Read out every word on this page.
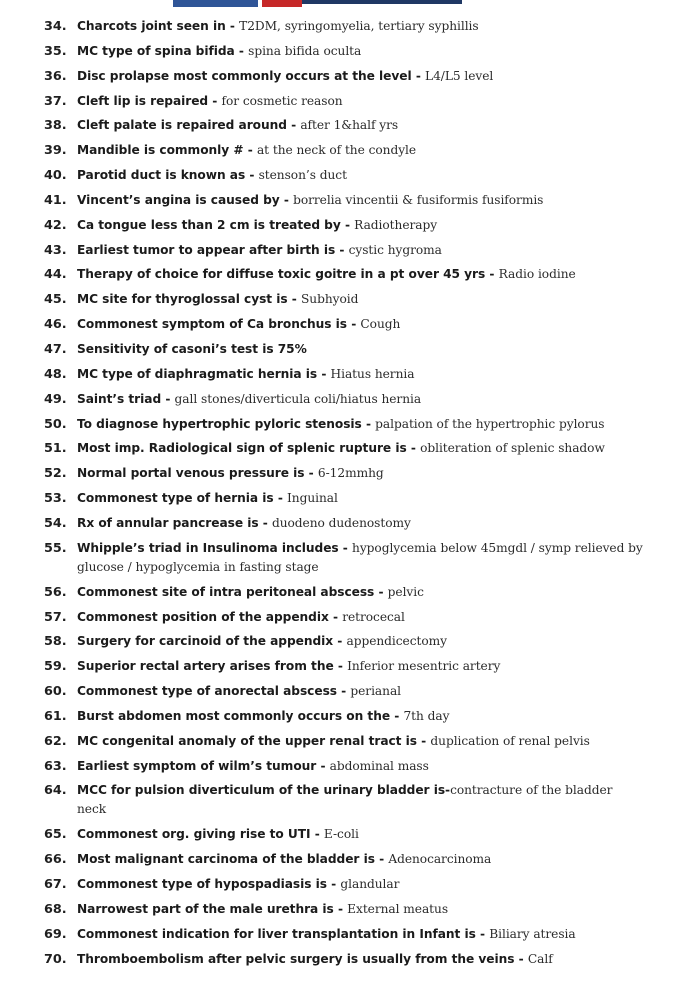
34. Charcots joint seen in - T2DM, syringomyelia, tertiary syphillis
35. MC type of spina bifida - spina bifida oculta
36. Disc prolapse most commonly occurs at the level - L4/L5 level
37. Cleft lip is repaired - for cosmetic reason
38. Cleft palate is repaired around - after 1&half yrs
39. Mandible is commonly # - at the neck of the condyle
40. Parotid duct is known as - stenson’s duct
41. Vincent’s angina is caused by - borrelia vincentii & fusiformis fusiformis
42. Ca tongue less than 2 cm is treated by - Radiotherapy
43. Earliest tumor to appear after birth is - cystic hygroma
44. Therapy of choice for diffuse toxic goitre in a pt over 45 yrs - Radio iodine
45. MC site for thyroglossal cyst is - Subhyoid
46. Commonest symptom of Ca bronchus is - Cough
47. Sensitivity of casoni’s test is 75%
48. MC type of diaphragmatic hernia is - Hiatus hernia
49. Saint’s triad - gall stones/diverticula coli/hiatus hernia
50. To diagnose hypertrophic pyloric stenosis - palpation of the hypertrophic pylorus
51. Most imp. Radiological sign of splenic rupture is - obliteration of splenic shadow
52. Normal portal venous pressure is - 6-12mmhg
53. Commonest type of hernia is - Inguinal
54. Rx of annular pancrease is - duodeno dudenostomy
55. Whipple’s triad in Insulinoma includes - hypoglycemia below 45mgdl / symp relieved by glucose / hypoglycemia in fasting stage
56. Commonest site of intra peritoneal abscess - pelvic
57. Commonest position of the appendix - retrocecal
58. Surgery for carcinoid of the appendix - appendicectomy
59. Superior rectal artery arises from the - Inferior mesentric artery
60. Commonest type of anorectal abscess - perianal
61. Burst abdomen most commonly occurs on the - 7th day
62. MC congenital anomaly of the upper renal tract is - duplication of renal pelvis
63. Earliest symptom of wilm’s tumour - abdominal mass
64. MCC for pulsion diverticulum of the urinary bladder is-contracture of the bladder neck
65. Commonest org. giving rise to UTI - E-coli
66. Most malignant carcinoma of the bladder is - Adenocarcinoma
67. Commonest type of hypospadiasis is - glandular
68. Narrowest part of the male urethra is - External meatus
69. Commonest indication for liver transplantation in Infant is - Biliary atresia
70. Thromboembolism after pelvic surgery is usually from the veins - Calf
